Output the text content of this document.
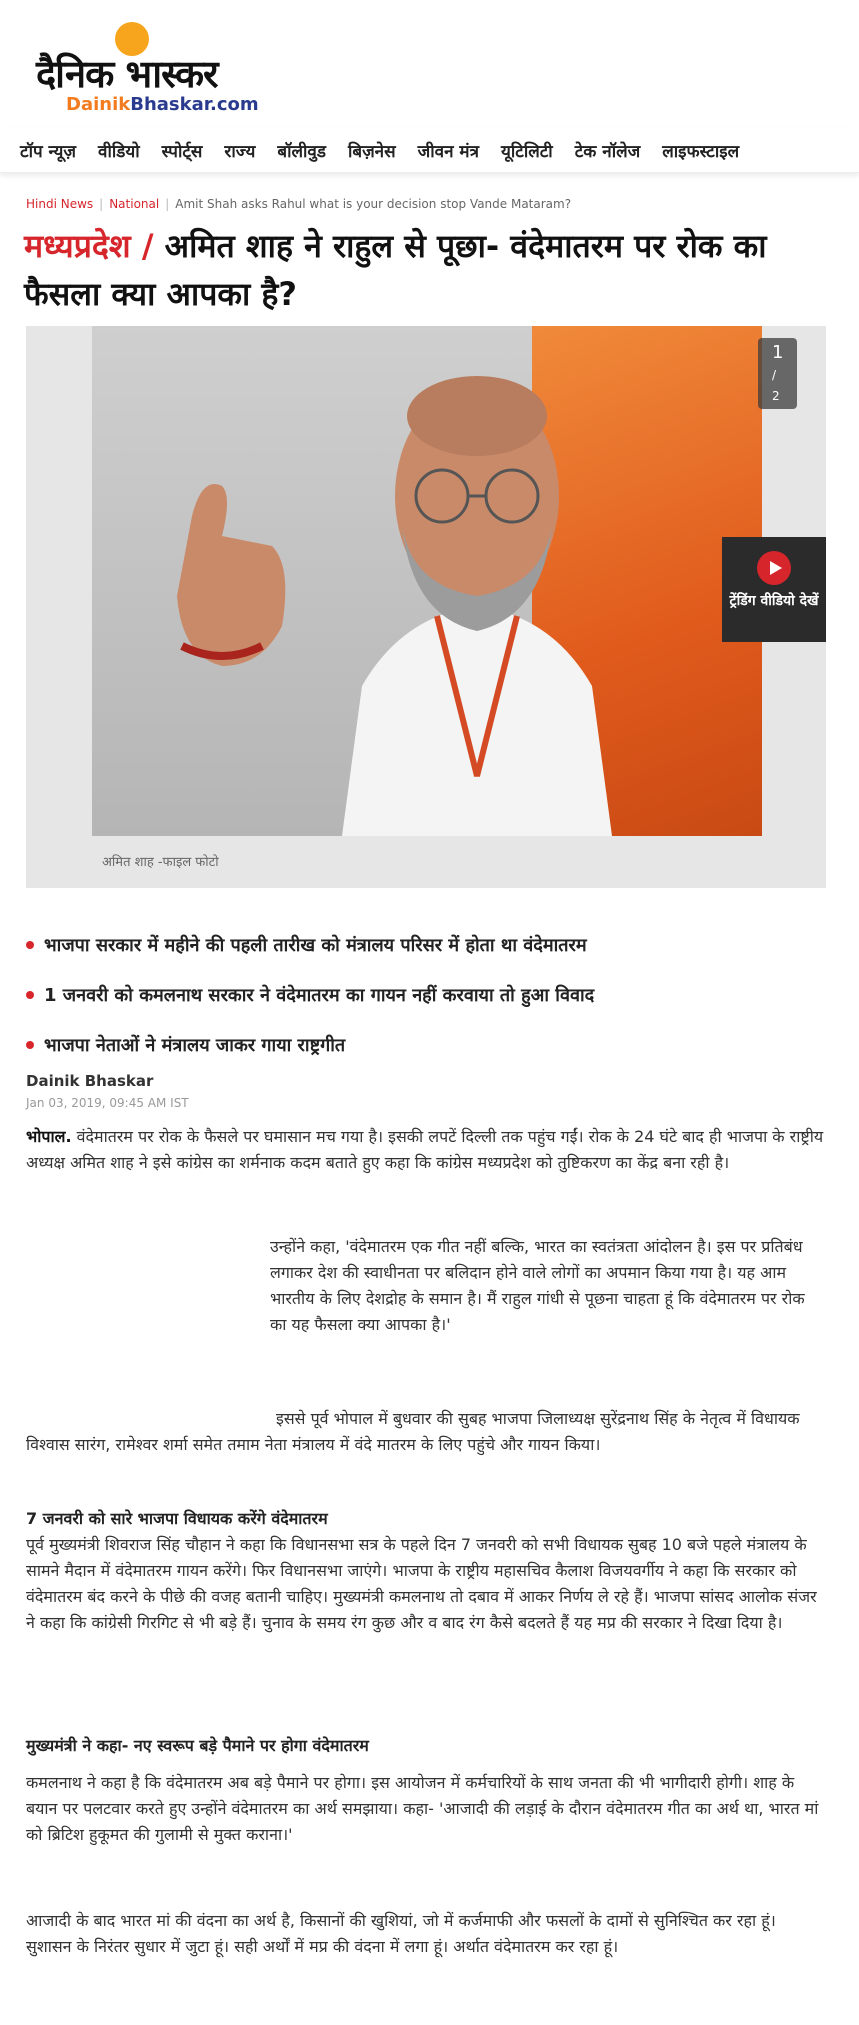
दैनिक भास्कर
DainikBhaskar.com
टॉप न्यूज़ वीडियो स्पोर्ट्स राज्य बॉलीवुड बिज़नेस जीवन मंत्र यूटिलिटी टेक नॉलेज लाइफस्टाइल
Hindi News | National | Amit Shah asks Rahul what is your decision stop Vande Mataram?
मध्यप्रदेश / अमित शाह ने राहुल से पूछा- वंदेमातरम पर रोक का फैसला क्या आपका है?
1 / 2
ट्रेंडिंग वीडियो देखें
अमित शाह -फाइल फोटो
भाजपा सरकार में महीने की पहली तारीख को मंत्रालय परिसर में होता था वंदेमातरम
1 जनवरी को कमलनाथ सरकार ने वंदेमातरम का गायन नहीं करवाया तो हुआ विवाद
भाजपा नेताओं ने मंत्रालय जाकर गाया राष्ट्रगीत
Dainik Bhaskar
Jan 03, 2019, 09:45 AM IST
भोपाल. वंदेमातरम पर रोक के फैसले पर घमासान मच गया है। इसकी लपटें दिल्ली तक पहुंच गईं। रोक के 24 घंटे बाद ही भाजपा के राष्ट्रीय अध्यक्ष अमित शाह ने इसे कांग्रेस का शर्मनाक कदम बताते हुए कहा कि कांग्रेस मध्यप्रदेश को तुष्टिकरण का केंद्र बना रही है।
उन्होंने कहा, 'वंदेमातरम एक गीत नहीं बल्कि, भारत का स्वतंत्रता आंदोलन है। इस पर प्रतिबंध लगाकर देश की स्वाधीनता पर बलिदान होने वाले लोगों का अपमान किया गया है। यह आम भारतीय के लिए देशद्रोह के समान है। मैं राहुल गांधी से पूछना चाहता हूं कि वंदेमातरम पर रोक का यह फैसला क्या आपका है।'
इससे पूर्व भोपाल में बुधवार की सुबह भाजपा जिलाध्यक्ष सुरेंद्रनाथ सिंह के नेतृत्व में विधायक विश्वास सारंग, रामेश्वर शर्मा समेत तमाम नेता मंत्रालय में वंदे मातरम के लिए पहुंचे और गायन किया।
7 जनवरी को सारे भाजपा विधायक करेंगे वंदेमातरम
पूर्व मुख्यमंत्री शिवराज सिंह चौहान ने कहा कि विधानसभा सत्र के पहले दिन 7 जनवरी को सभी विधायक सुबह 10 बजे पहले मंत्रालय के सामने मैदान में वंदेमातरम गायन करेंगे। फिर विधानसभा जाएंगे। भाजपा के राष्ट्रीय महासचिव कैलाश विजयवर्गीय ने कहा कि सरकार को वंदेमातरम बंद करने के पीछे की वजह बतानी चाहिए। मुख्यमंत्री कमलनाथ तो दबाव में आकर निर्णय ले रहे हैं। भाजपा सांसद आलोक संजर ने कहा कि कांग्रेसी गिरगिट से भी बड़े हैं। चुनाव के समय रंग कुछ और व बाद रंग कैसे बदलते हैं यह मप्र की सरकार ने दिखा दिया है।
मुख्यमंत्री ने कहा- नए स्वरूप बड़े पैमाने पर होगा वंदेमातरम
कमलनाथ ने कहा है कि वंदेमातरम अब बड़े पैमाने पर होगा। इस आयोजन में कर्मचारियों के साथ जनता की भी भागीदारी होगी। शाह के बयान पर पलटवार करते हुए उन्होंने वंदेमातरम का अर्थ समझाया। कहा- 'आजादी की लड़ाई के दौरान वंदेमातरम गीत का अर्थ था, भारत मां को ब्रिटिश हुकूमत की गुलामी से मुक्त कराना।'
आजादी के बाद भारत मां की वंदना का अर्थ है, किसानों की खुशियां, जो में कर्जमाफी और फसलों के दामों से सुनिश्चित कर रहा हूं। सुशासन के निरंतर सुधार में जुटा हूं। सही अर्थों में मप्र की वंदना में लगा हूं। अर्थात वंदेमातरम कर रहा हूं।
